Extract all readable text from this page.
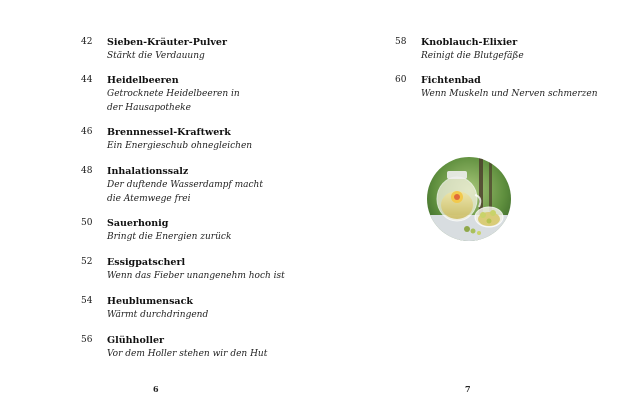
42	Sieben-Kräuter-Pulver
Stärkt die Verdauung
44	Heidelbeeren
Getrocknete Heidelbeeren in der Hausapotheke
46	Brennnessel-Kraftwerk
Ein Energieschub ohnegleichen
48	Inhalationssalz
Der duftende Wasserdampf macht die Atemwege frei
50	Sauerhonig
Bringt die Energien zurück
52	Essigpatscherl
Wenn das Fieber unangenehm hoch ist
54	Heublumensack
Wärmt durchdringend
56	Glühholler
Vor dem Holler stehen wir den Hut
6
58	Knoblauch-Elixier
Reinigt die Blutgefäße
60	Fichtenbad
Wenn Muskeln und Nerven schmerzen
7
